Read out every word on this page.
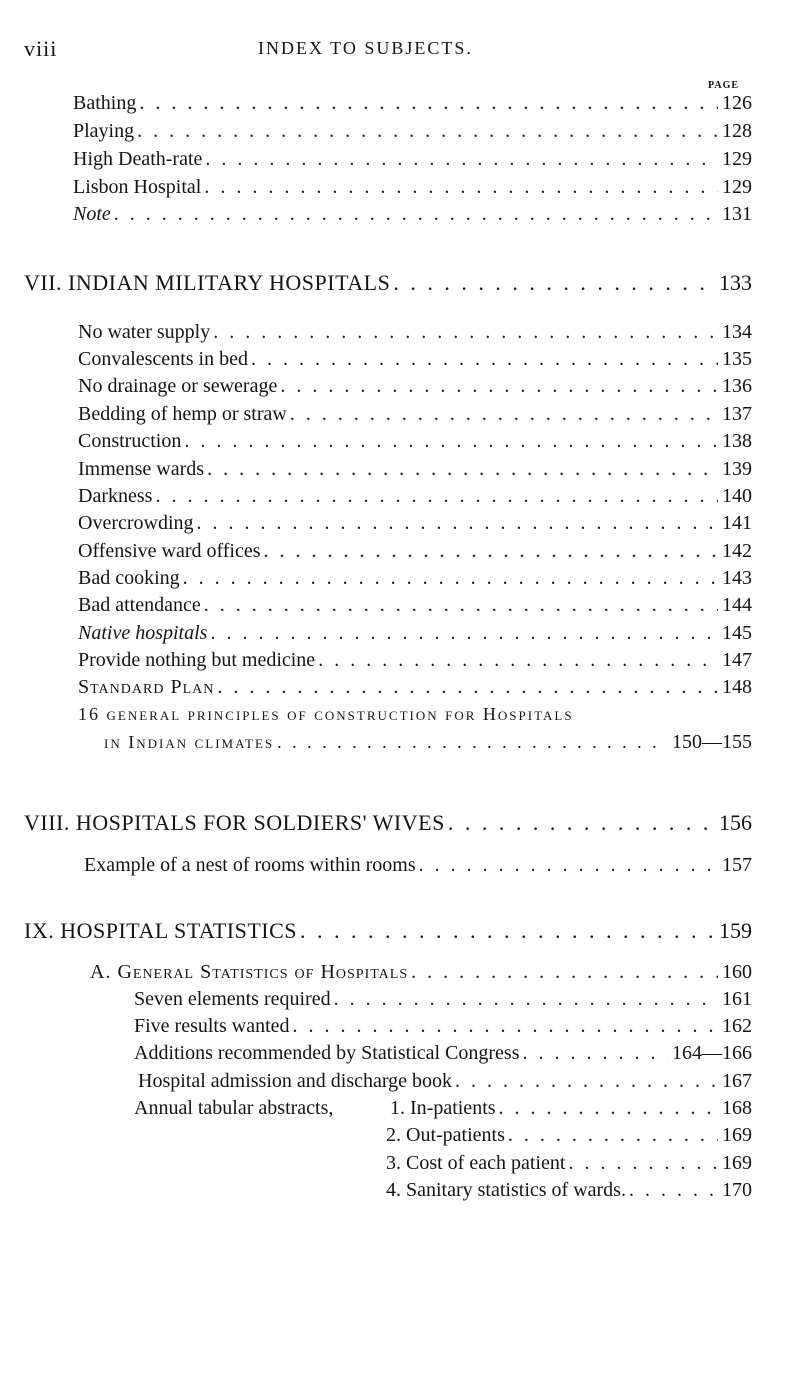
viii	INDEX TO SUBJECTS.
PAGE
Bathing . . .	126
Playing . . .	128
High Death-rate . . .	129
Lisbon Hospital . . .	129
Note . . .	131
VII. INDIAN MILITARY HOSPITALS . . .	133
No water supply . . .	134
Convalescents in bed . . .	135
No drainage or sewerage . . .	136
Bedding of hemp or straw . . .	137
Construction . . .	138
Immense wards . . .	139
Darkness . . .	140
Overcrowding . . .	141
Offensive ward offices . . .	142
Bad cooking . . .	143
Bad attendance . . .	144
Native hospitals . . .	145
Provide nothing but medicine . . .	147
Standard Plan . . .	148
16 general principles of construction for Hospitals
in Indian climates . . .	150—155
VIII. HOSPITALS FOR SOLDIERS' WIVES . . .	156
Example of a nest of rooms within rooms . . .	157
IX. HOSPITAL STATISTICS . . .	159
A. General Statistics of Hospitals . . .	160
Seven elements required . . .	161
Five results wanted . . .	162
Additions recommended by Statistical Congress . . .	164—166
Hospital admission and discharge book . . .	167
Annual tabular abstracts,	1. In-patients . . .	168
2. Out-patients . . .	169
3. Cost of each patient . . .	169
4. Sanitary statistics of wards. . . .	170
